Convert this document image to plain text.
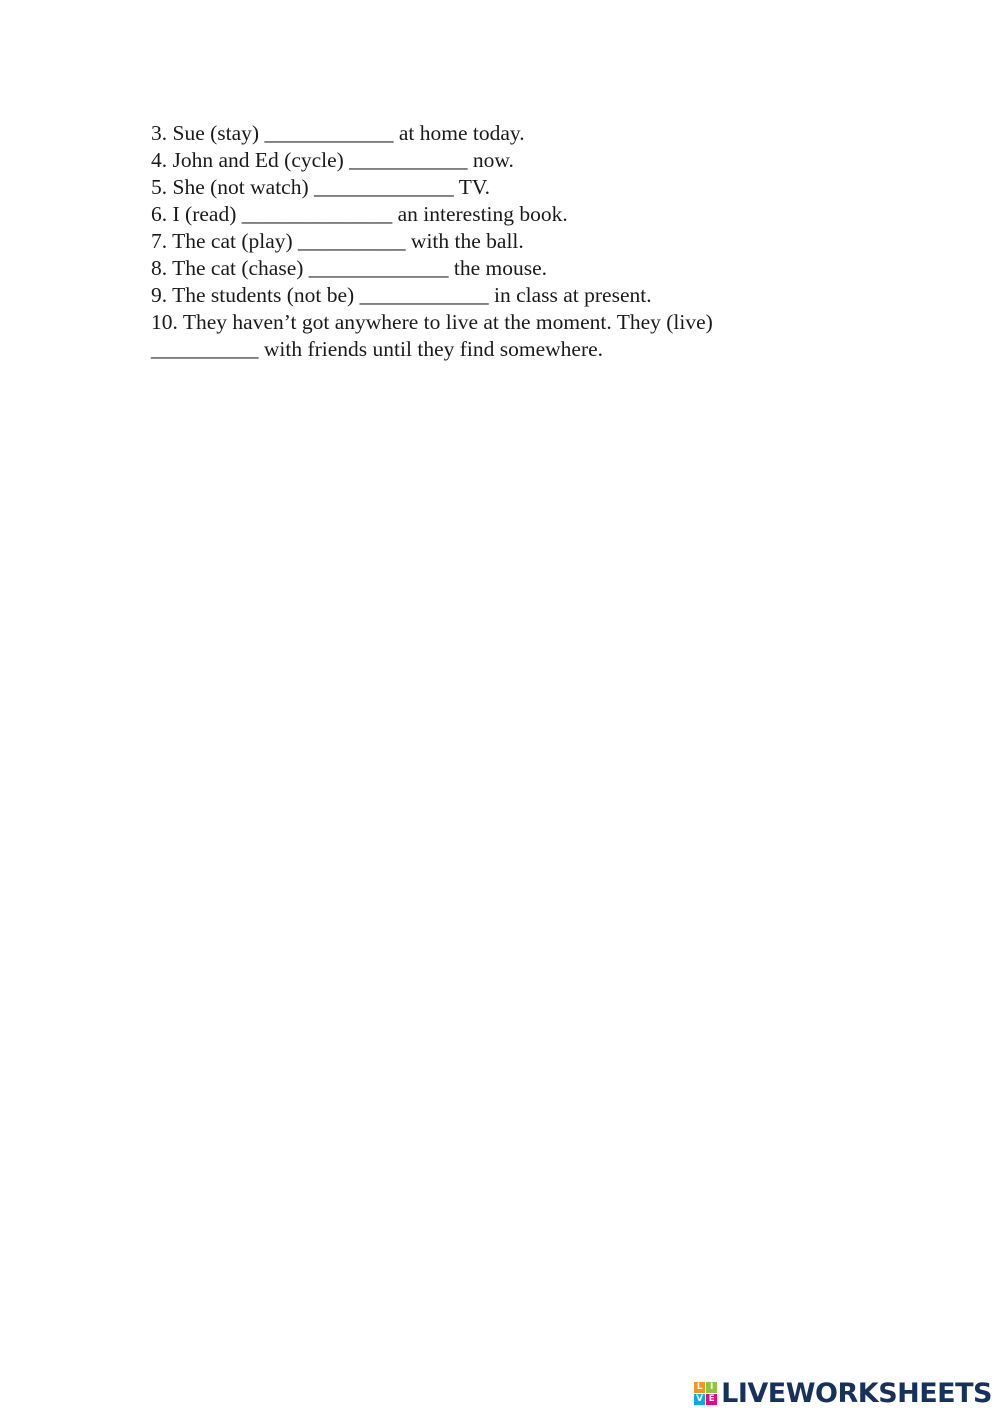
3. Sue (stay) ____________ at home today.

4. John and Ed (cycle) ___________ now.

5. She (not watch) _____________ TV.

6. I (read) ______________ an interesting book.

7. The cat (play) __________ with the ball.

8. The cat (chase) _____________ the mouse.

9. The students (not be) ____________ in class at present.

10. They haven’t got anywhere to live at the moment. They (live)

__________ with friends until they find somewhere.

L I
V E LIVEWORKSHEETS
